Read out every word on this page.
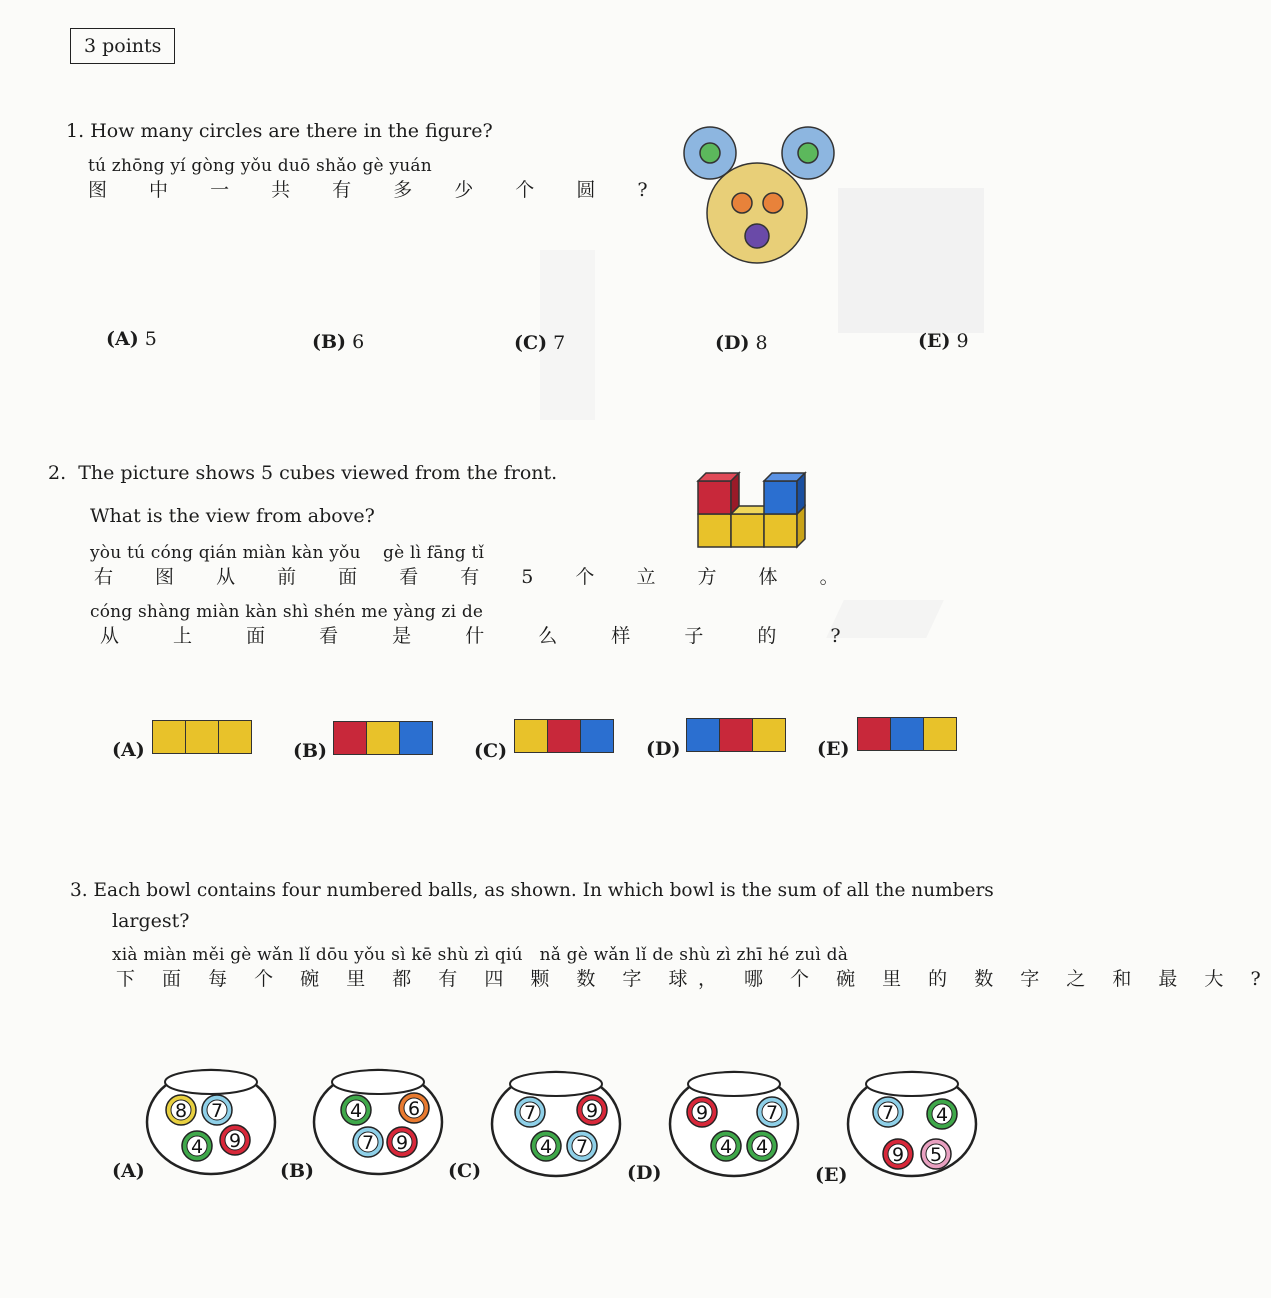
3 points
1. How many circles are there in the figure?
tú zhōng yí gòng yǒu duō shǎo gè yuán
图 中 一 共 有 多 少 个 圆 ?
(A) 5	(B) 6	(C) 7	(D) 8	(E) 9
2. The picture shows 5 cubes viewed from the front.
What is the view from above?
yòu tú cóng qián miàn kàn yǒu    gè lì fāng tǐ
右 图 从 前 面 看 有 5 个 立 方 体 。
cóng shàng miàn kàn shì shén me yàng zi de
从 上 面 看 是 什 么 样 子 的 ?
(A)	(B)	(C)	(D)	(E)
3. Each bowl contains four numbered balls, as shown. In which bowl is the sum of all the numbers
largest?
xià miàn měi gè wǎn lǐ dōu yǒu sì kē shù zì qiú   nǎ gè wǎn lǐ de shù zì zhī hé zuì dà
下 面 每 个 碗 里 都 有 四 颗 数 字 球， 哪 个 碗 里 的 数 字 之 和 最 大 ?
(A)
8 7
4 9
(B)
4 6
7 9
(C)
7	9
4 7
(D)
9	7
4 4
(E)
7 4
9 5
